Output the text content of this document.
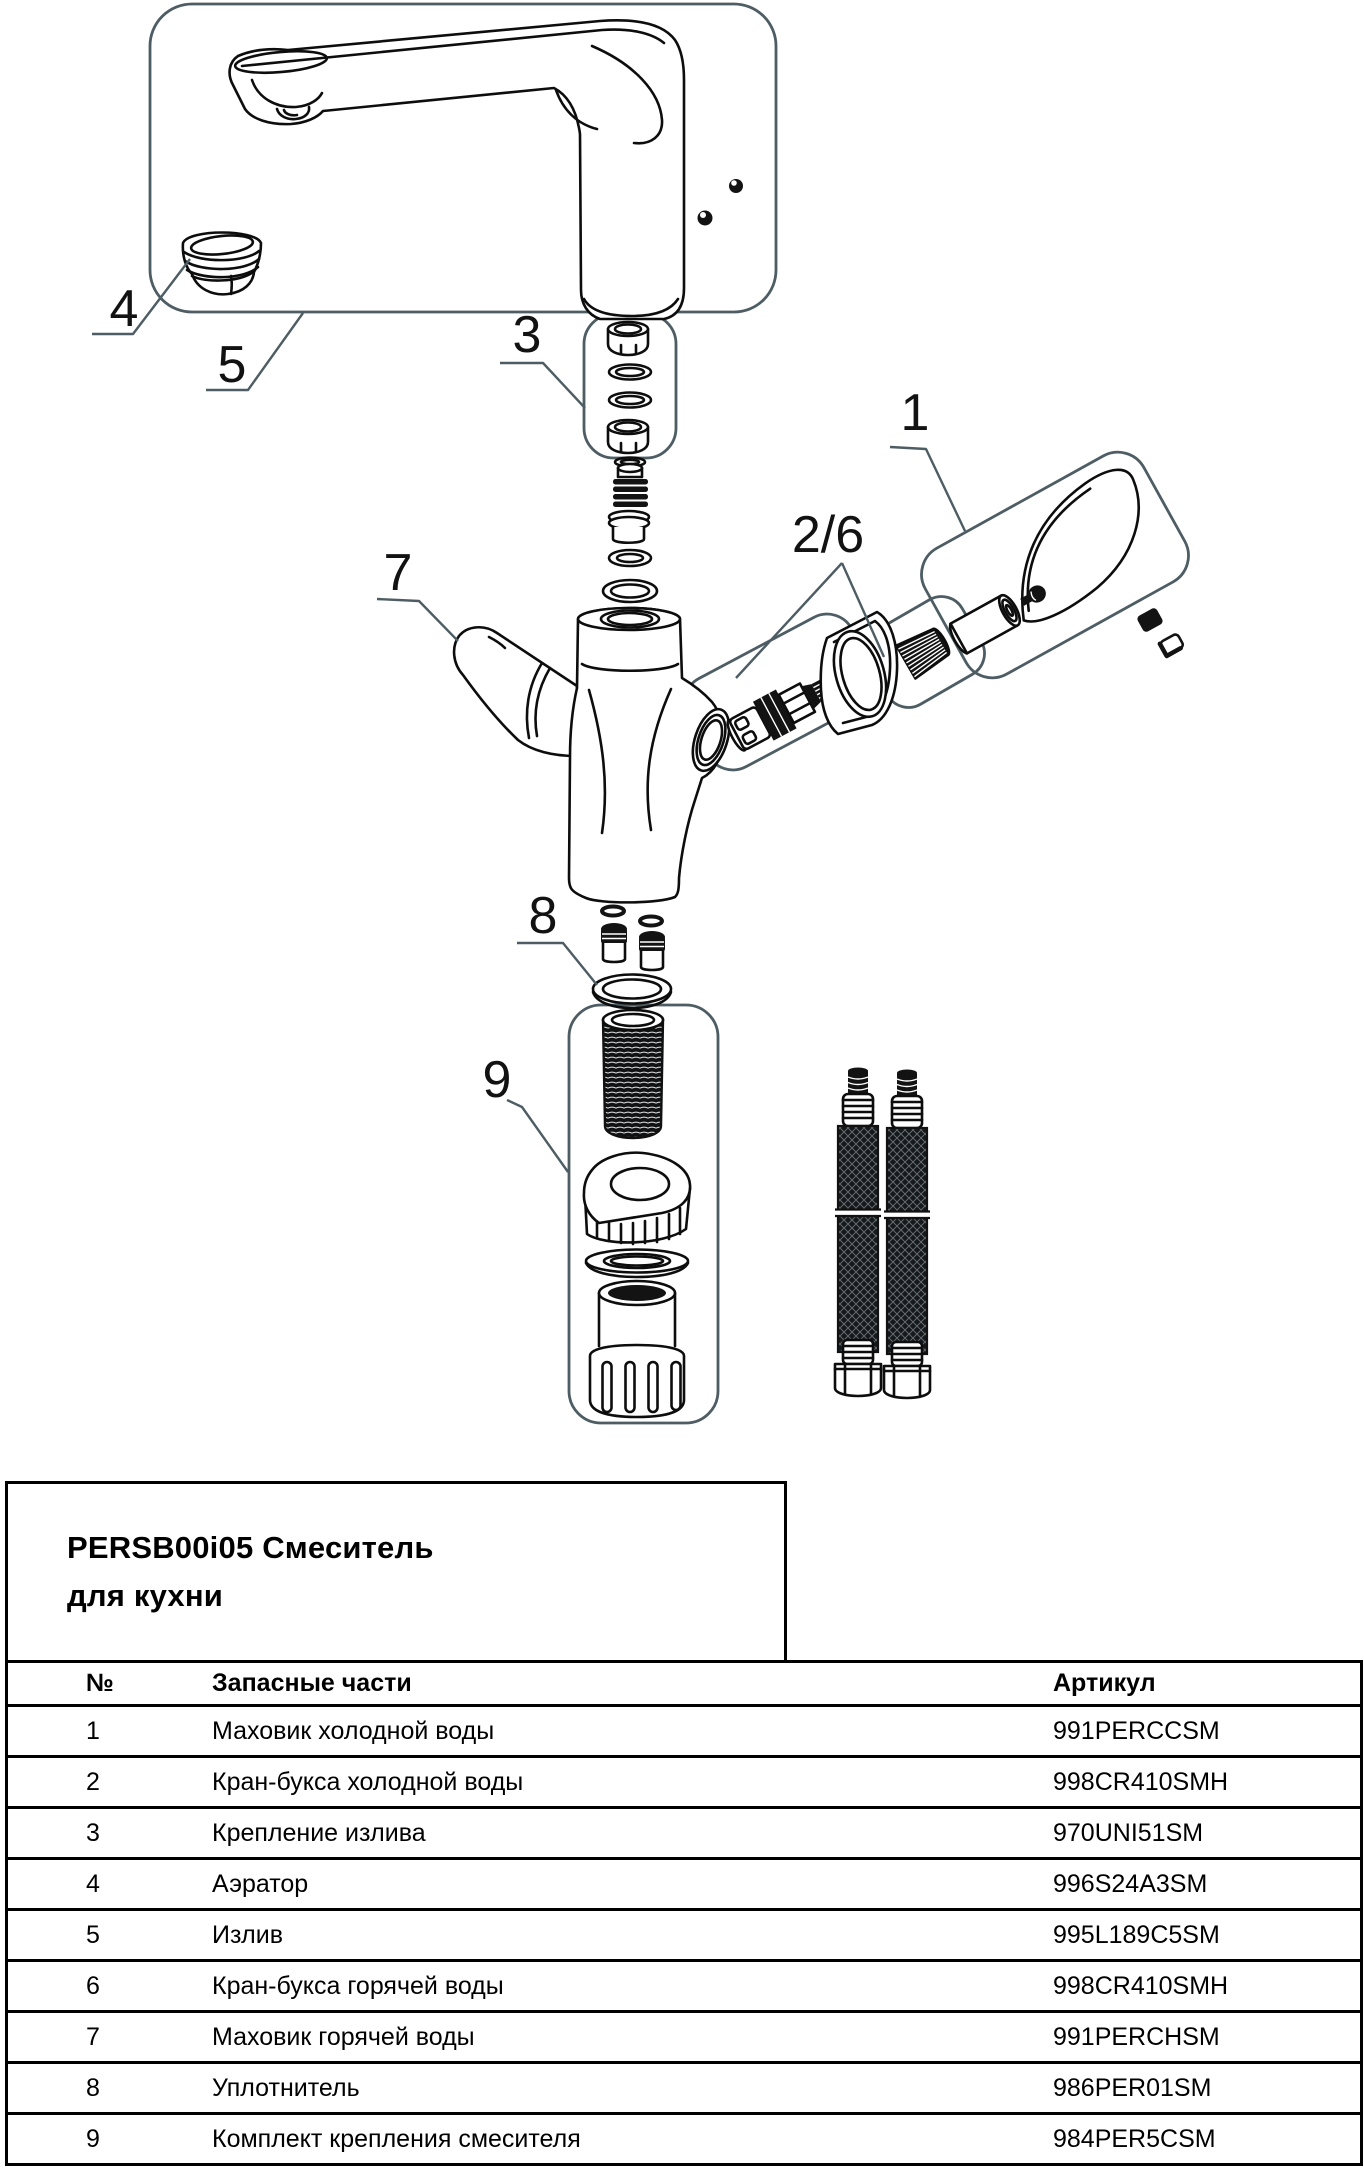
4
5
3
7
8
9
1
2/6
PERSB00i05 Смеситель
для кухни
№	Запасные части	Артикул

1	Маховик холодной воды	991PERCCSM

2	Кран-букса холодной воды	998CR410SMH

3	Крепление излива	970UNI51SM

4	Аэратор	996S24A3SM

5	Излив	995L189C5SM

6	Кран-букса горячей воды	998CR410SMH

7	Маховик горячей воды	991PERCHSM

8	Уплотнитель	986PER01SM

9	Комплект крепления смесителя	984PER5CSM
